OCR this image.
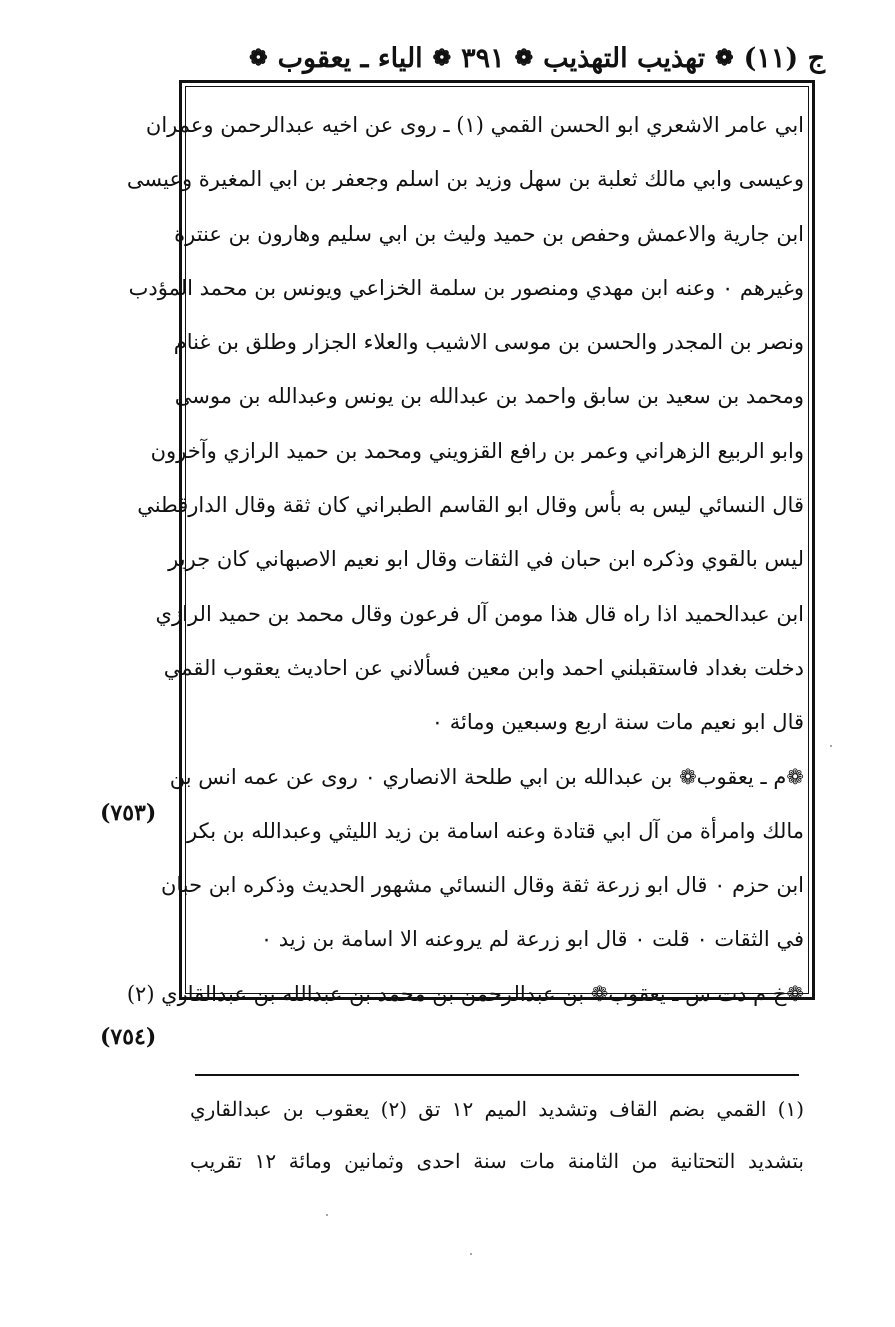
ج (١١)
❁
تهذيب التهذيب
❁
٣٩١
❁
الياء ـ يعقوب
❁
ابي عامر الاشعري ابو الحسن القمي (١) ـ روى عن اخيه عبدالرحمن وعمران
وعيسى وابي مالك ثعلبة بن سهل وزيد بن اسلم وجعفر بن ابي المغيرة وعيسى
ابن جارية والاعمش وحفص بن حميد وليث بن ابي سليم وهارون بن عنترة
وغيرهم ٠ وعنه ابن مهدي ومنصور بن سلمة الخزاعي ويونس بن محمد المؤدب
ونصر بن المجدر والحسن بن موسى الاشيب والعلاء الجزار وطلق بن غنام
ومحمد بن سعيد بن سابق واحمد بن عبدالله بن يونس وعبدالله بن موسى
وابو الربيع الزهراني وعمر بن رافع القزويني ومحمد بن حميد الرازي وآخرون
قال النسائي ليس به بأس وقال ابو القاسم الطبراني كان ثقة وقال الدارقطني
ليس بالقوي وذكره ابن حبان في الثقات وقال ابو نعيم الاصبهاني كان جرير
ابن عبدالحميد اذا راه قال هذا مومن آل فرعون وقال محمد بن حميد الرازي
دخلت بغداد فاستقبلني احمد وابن معين فسألاني عن احاديث يعقوب القمي
قال ابو نعيم مات سنة اربع وسبعين ومائة ٠
❁م ـ يعقوب❁ بن عبدالله بن ابي طلحة الانصاري ٠ روى عن عمه انس بن
مالك وامرأة من آل ابي قتادة وعنه اسامة بن زيد الليثي وعبدالله بن بكر
ابن حزم ٠ قال ابو زرعة ثقة وقال النسائي مشهور الحديث وذكره ابن حبان
في الثقات ٠ قلت ٠ قال ابو زرعة لم يروعنه الا اسامة بن زيد ٠
❁خ م دت س ـ يعقوب❁ بن عبدالرحمن بن محمد بن عبدالله بن عبدالقاري (٢)
(٧٥٣)
(٧٥٤)
(١) القمي بضم القاف وتشديد الميم ١٢ تق (٢) يعقوب بن عبدالقاري
بتشديد التحتانية من الثامنة مات سنة احدى وثمانين ومائة ١٢ تقريب
